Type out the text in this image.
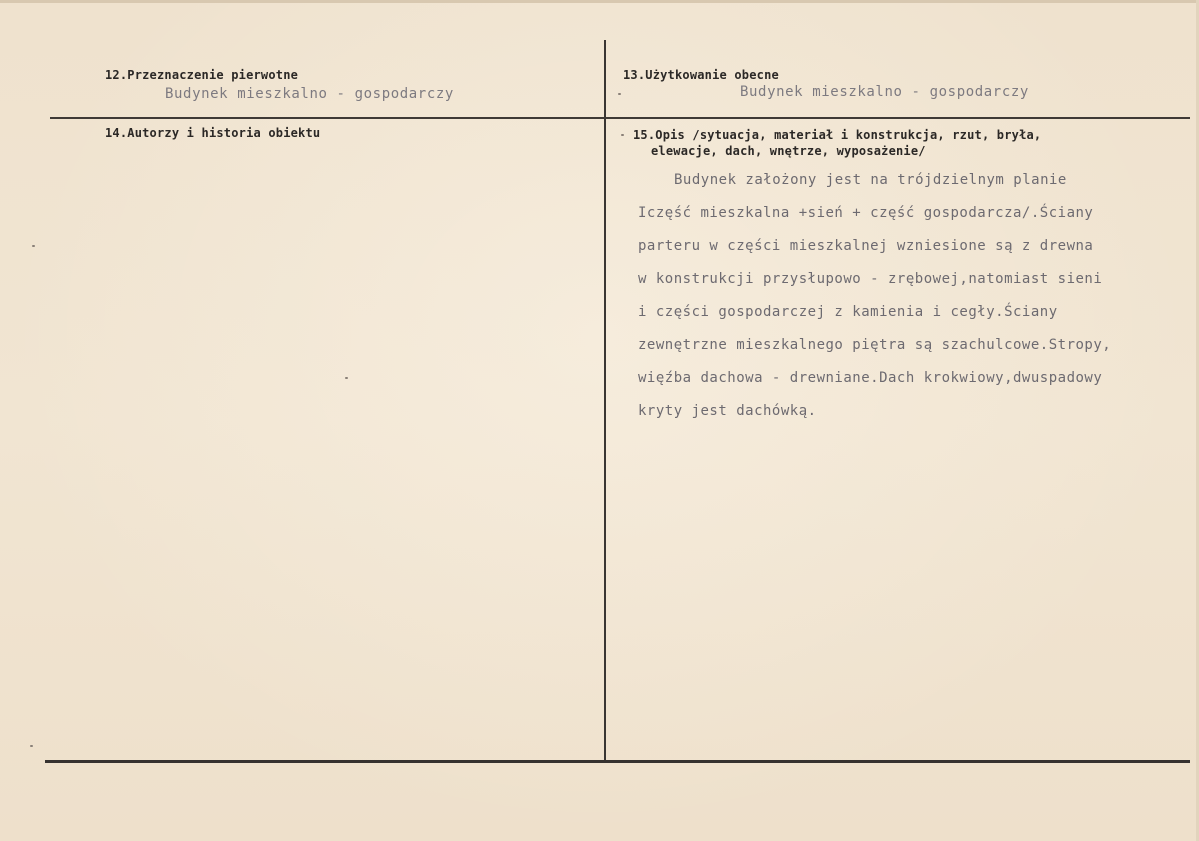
12.Przeznaczenie pierwotne
Budynek mieszkalno - gospodarczy
13.Użytkowanie obecne
Budynek mieszkalno - gospodarczy
14.Autorzy i historia obiektu	15.Opis /sytuacja, materiał i konstrukcja, rzut, bryła,
elewacje, dach, wnętrze, wyposażenie/
Budynek założony jest na trójdzielnym planie
Iczęść mieszkalna +sień + część gospodarcza/.Ściany
parteru w części mieszkalnej wzniesione są z drewna
w konstrukcji przysłupowo - zrębowej,natomiast sieni
i części gospodarczej z kamienia i cegły.Ściany
zewnętrzne mieszkalnego piętra są szachulcowe.Stropy,
więźba dachowa - drewniane.Dach krokwiowy,dwuspadowy
kryty jest dachówką.
